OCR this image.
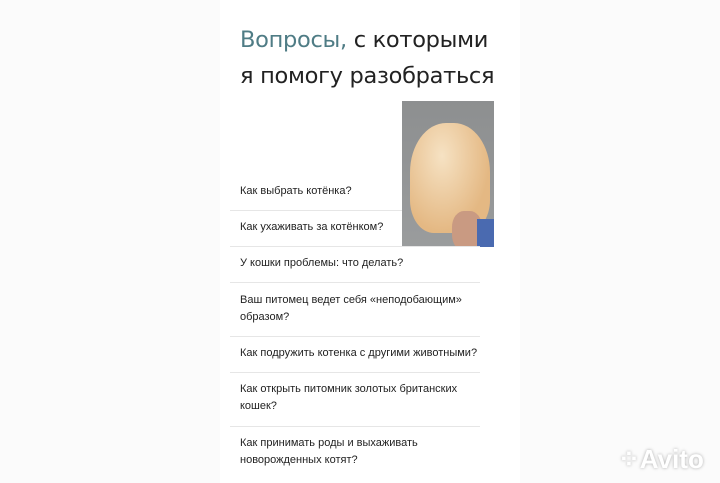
Вопросы, с которыми
я помогу разобраться
Как выбрать котёнка?
Как ухаживать за котёнком?
У кошки проблемы: что делать?
Ваш питомец ведет себя «неподобающим» образом?
Как подружить котенка с другими животными?
Как открыть питомник золотых британских кошек?
Как принимать роды и выхаживать новорожденных котят?	⁘Avito
